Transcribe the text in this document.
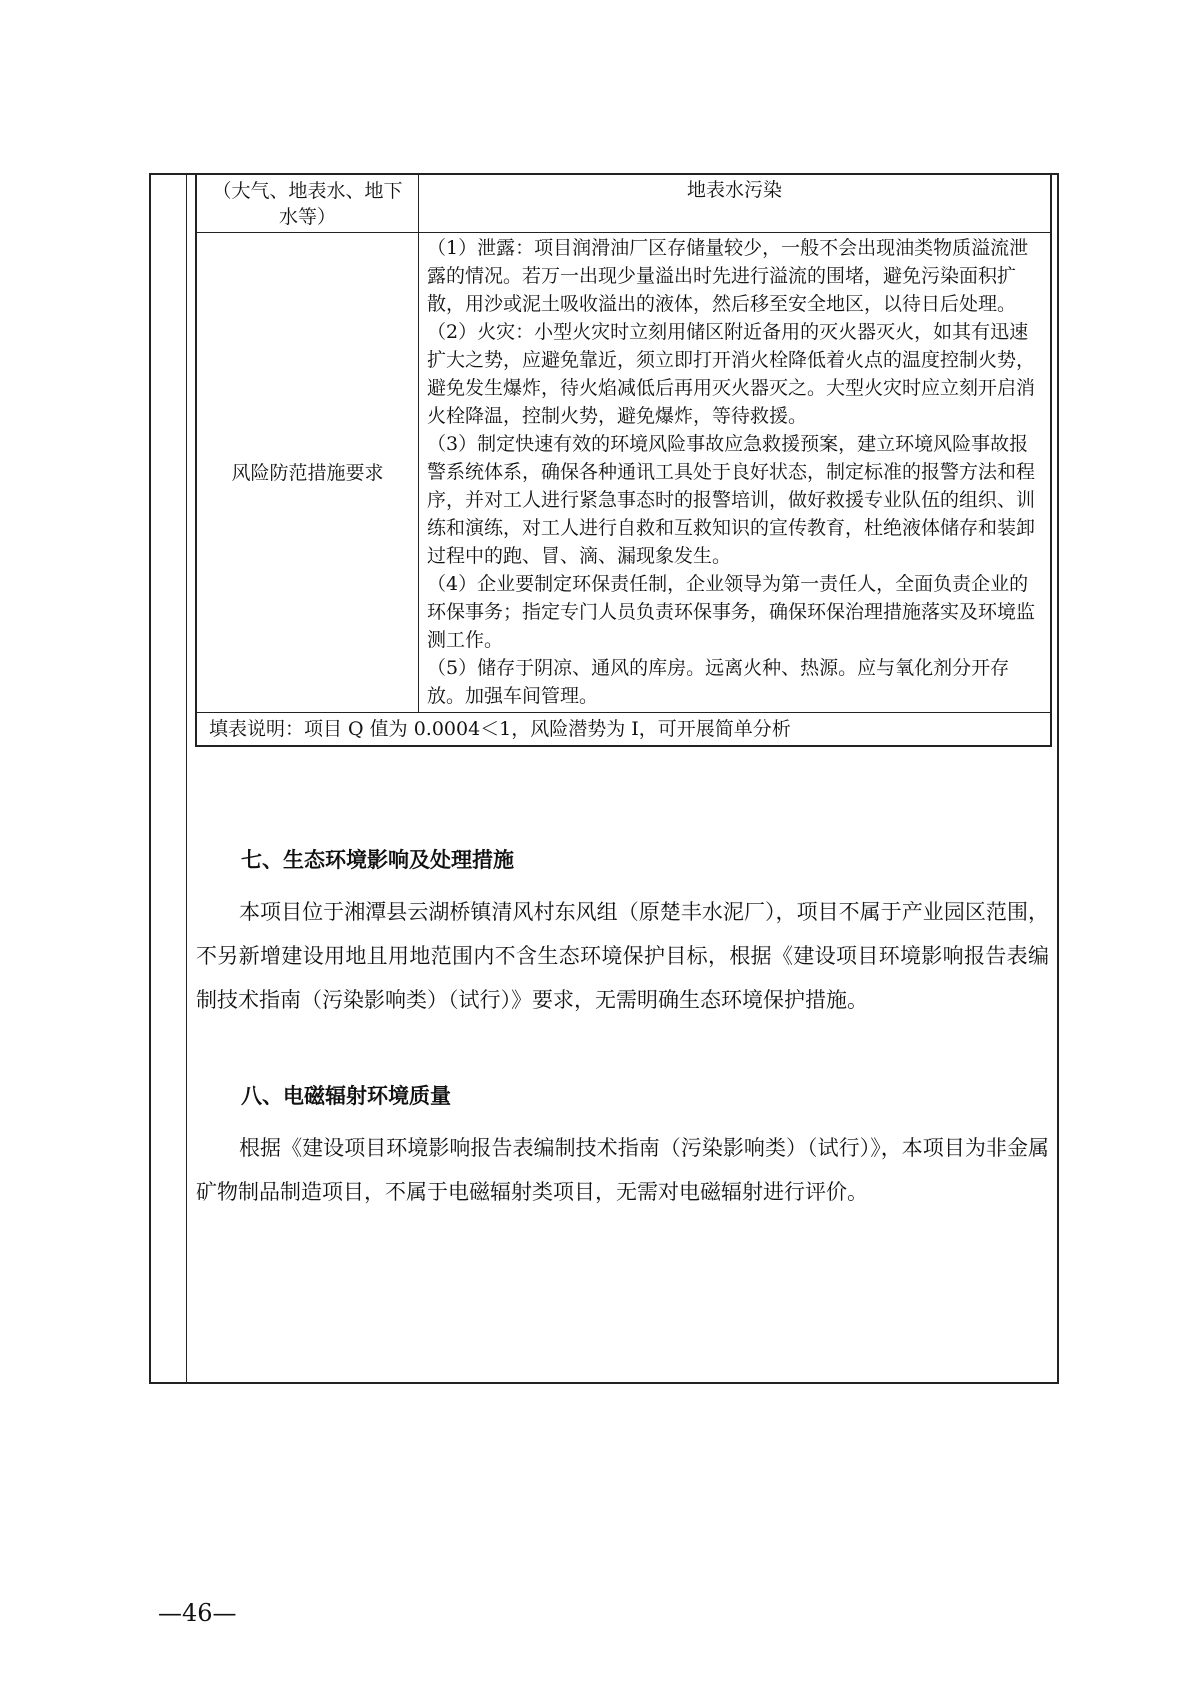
（大气、地表水、地下水等）	地表水污染
风险防范措施要求	（1）泄露：项目润滑油厂区存储量较少，一般不会出现油类物质溢流泄露的情况。若万一出现少量溢出时先进行溢流的围堵，避免污染面积扩散，用沙或泥土吸收溢出的液体，然后移至安全地区，以待日后处理。

（2）火灾：小型火灾时立刻用储区附近备用的灭火器灭火，如其有迅速扩大之势，应避免靠近，须立即打开消火栓降低着火点的温度控制火势，避免发生爆炸，待火焰减低后再用灭火器灭之。大型火灾时应立刻开启消火栓降温，控制火势，避免爆炸，等待救援。

（3）制定快速有效的环境风险事故应急救援预案，建立环境风险事故报警系统体系，确保各种通讯工具处于良好状态，制定标准的报警方法和程序，并对工人进行紧急事态时的报警培训，做好救援专业队伍的组织、训练和演练，对工人进行自救和互救知识的宣传教育，杜绝液体储存和装卸过程中的跑、冒、滴、漏现象发生。

（4）企业要制定环保责任制，企业领导为第一责任人，全面负责企业的环保事务；指定专门人员负责环保事务，确保环保治理措施落实及环境监测工作。

（5）储存于阴凉、通风的库房。远离火种、热源。应与氧化剂分开存放。加强车间管理。

填表说明：项目 Q 值为 0.0004＜1，风险潜势为 I，可开展简单分析	
七、生态环境影响及处理措施

本项目位于湘潭县云湖桥镇清风村东风组（原楚丰水泥厂），项目不属于产业园区范围，不另新增建设用地且用地范围内不含生态环境保护目标，根据《建设项目环境影响报告表编制技术指南（污染影响类）（试行）》要求，无需明确生态环境保护措施。

八、电磁辐射环境质量

根据《建设项目环境影响报告表编制技术指南（污染影响类）（试行）》，本项目为非金属矿物制品制造项目，不属于电磁辐射类项目，无需对电磁辐射进行评价。

—46—
